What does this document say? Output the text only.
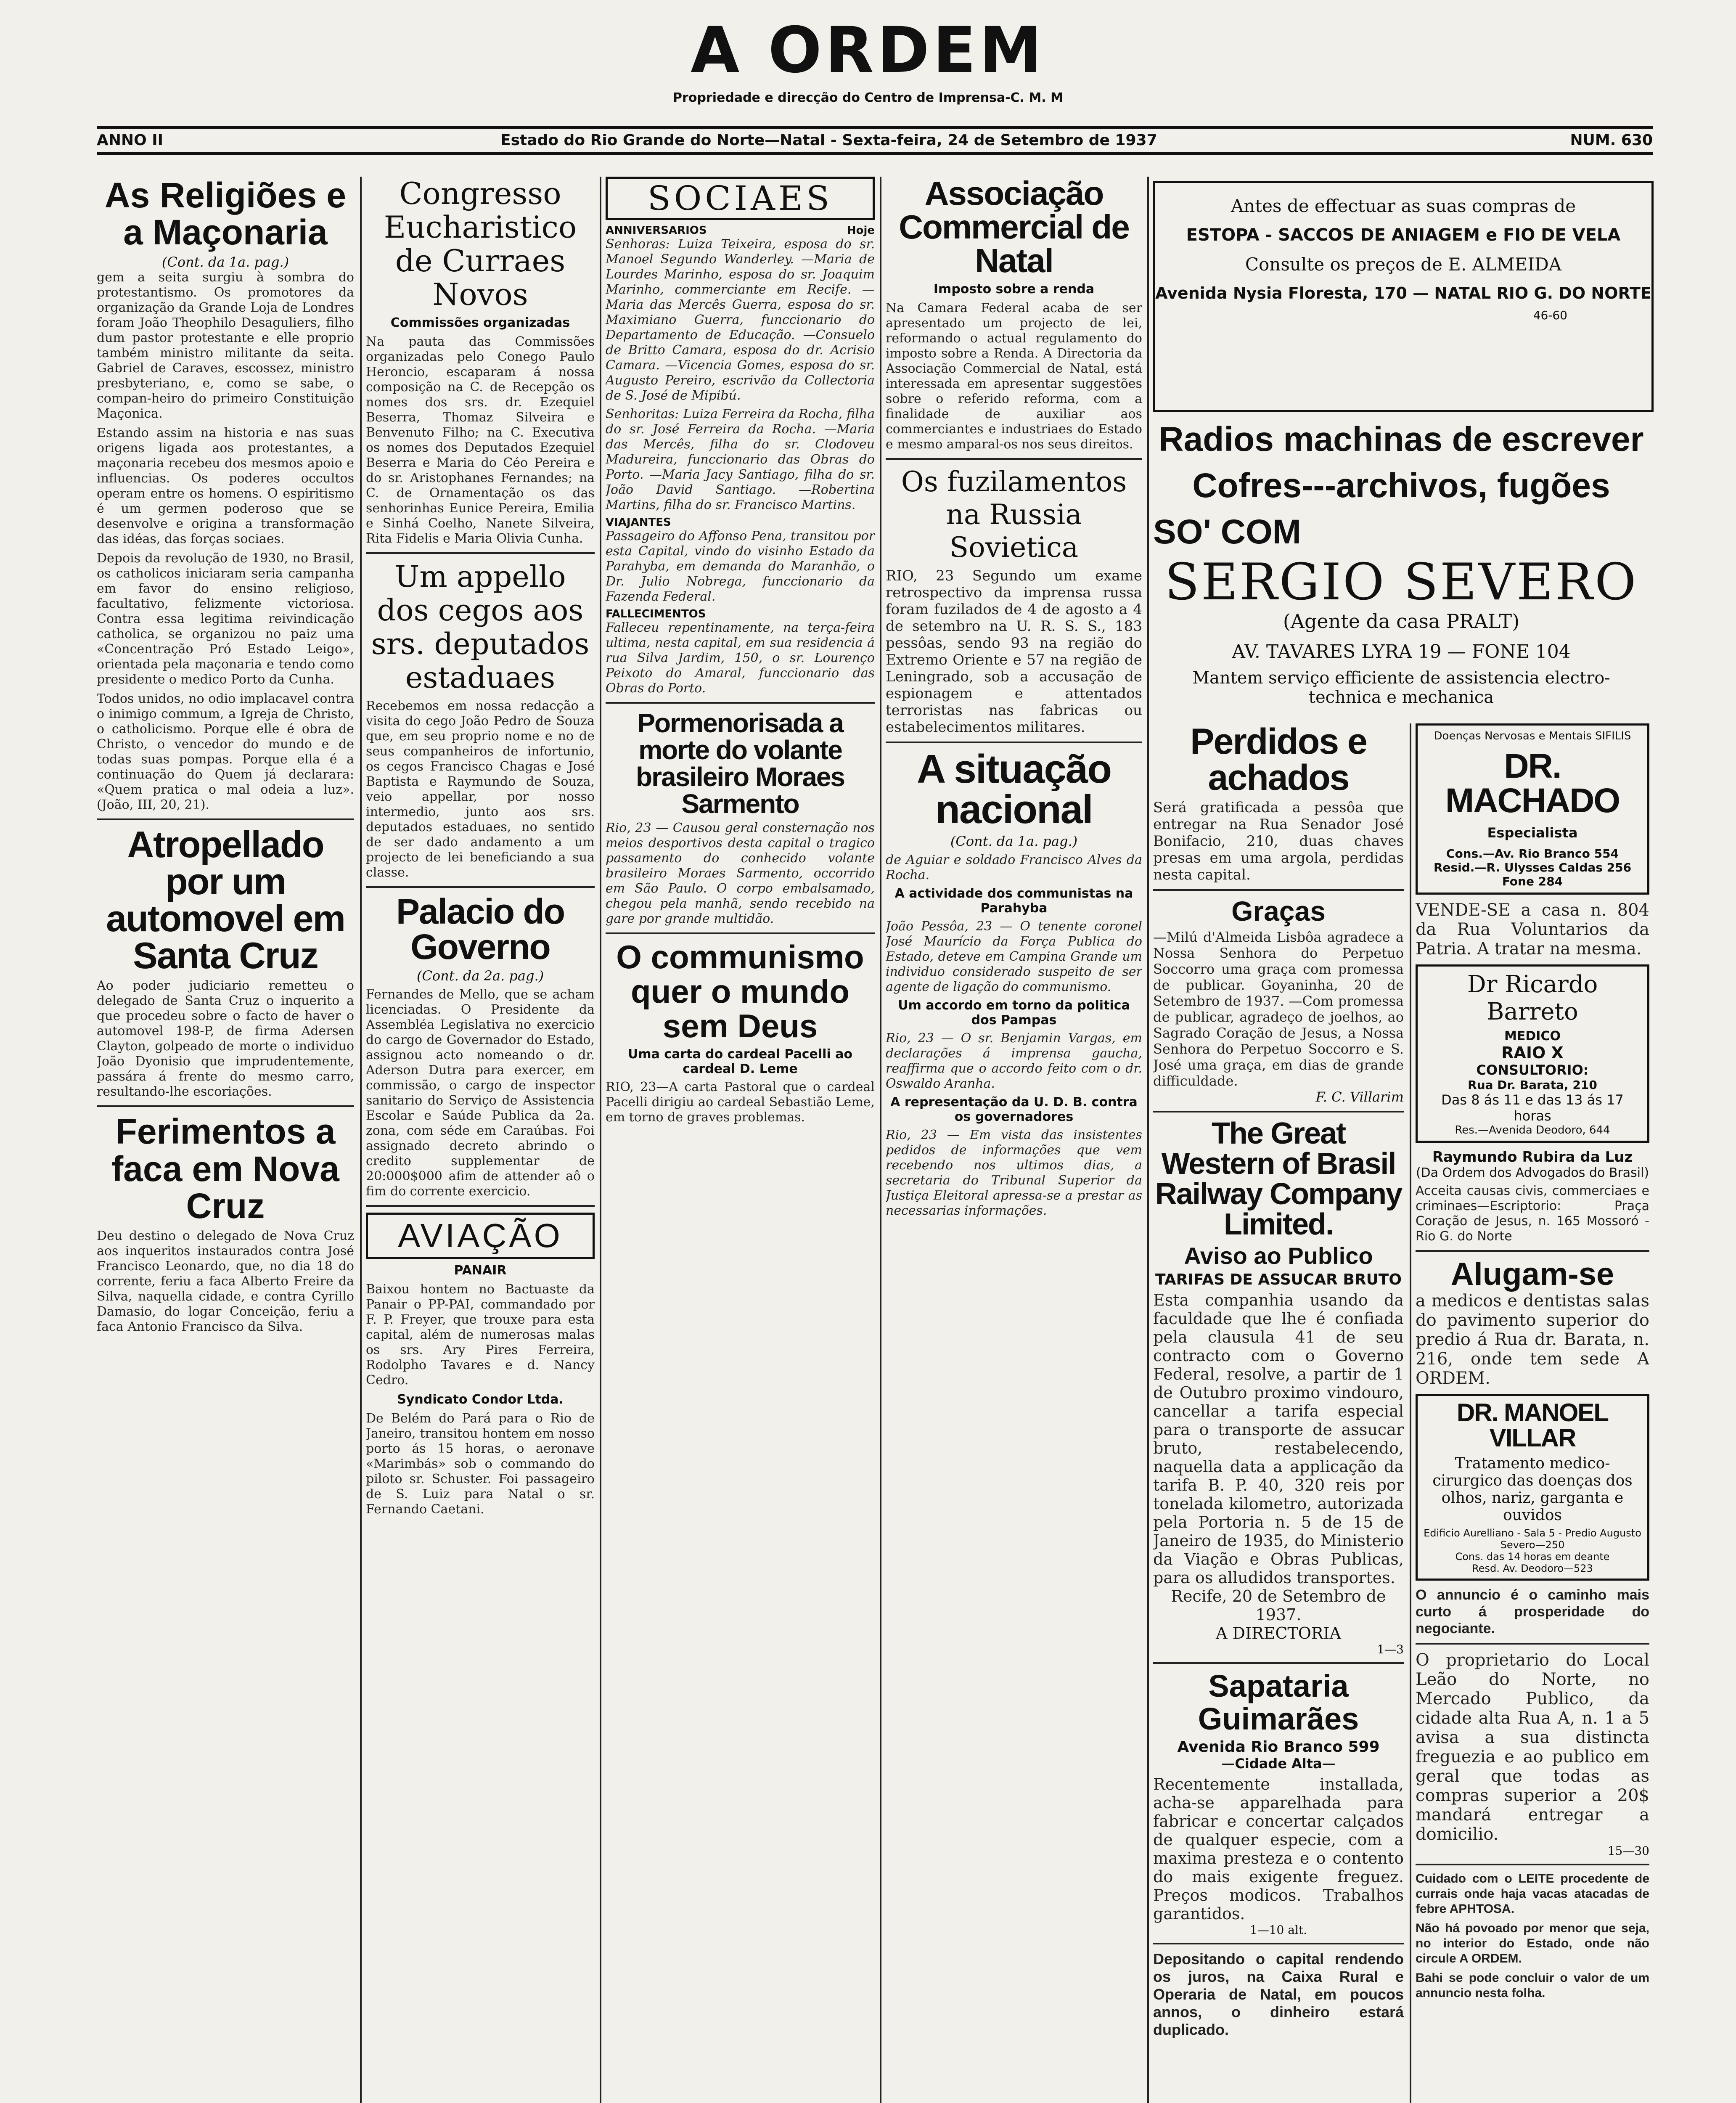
A ORDEM
Propriedade e direcção do Centro de Imprensa-C. M. M
ANNO II	Estado do Rio Grande do Norte—Natal - Sexta-feira, 24 de Setembro de 1937	NUM. 630
As Religiões e a Maçonaria
(Cont. da 1a. pag.)
gem a seita surgiu à sombra do protestantismo. Os promotores da organização da Grande Loja de Londres foram João Theophilo Desaguliers, filho dum pastor protestante e elle proprio também ministro militante da seita. Gabriel de Caraves, escossez, ministro presbyteriano, e, como se sabe, o compan-heiro do primeiro Constituição Maçonica.
Estando assim na historia e nas suas origens ligada aos protestantes, a maçonaria recebeu dos mesmos apoio e influencias. Os poderes occultos operam entre os homens. O espiritismo é um germen poderoso que se desenvolve e origina a transformação das idéas, das forças sociaes.
Depois da revolução de 1930, no Brasil, os catholicos iniciaram seria campanha em favor do ensino religioso, facultativo, felizmente victoriosa. Contra essa legitima reivindicação catholica, se organizou no paiz uma «Concentração Pró Estado Leigo», orientada pela maçonaria e tendo como presidente o medico Porto da Cunha.
Todos unidos, no odio implacavel contra o inimigo commum, a Igreja de Christo, o catholicismo. Porque elle é obra de Christo, o vencedor do mundo e de todas suas pompas. Porque ella é a continuação do Quem já declarara: «Quem pratica o mal odeia a luz». (João, III, 20, 21).
Atropellado por um automovel em Santa Cruz
Ao poder judiciario remetteu o delegado de Santa Cruz o inquerito a que procedeu sobre o facto de haver o automovel 198-P, de firma Adersen Clayton, golpeado de morte o individuo João Dyonisio que imprudentemente, passára á frente do mesmo carro, resultando-lhe escoriações.
Ferimentos a faca em Nova Cruz
Deu destino o delegado de Nova Cruz aos inqueritos instaurados contra José Francisco Leonardo, que, no dia 18 do corrente, feriu a faca Alberto Freire da Silva, naquella cidade, e contra Cyrillo Damasio, do logar Conceição, feriu a faca Antonio Francisco da Silva.
Congresso Eucharistico de Curraes Novos
Commissões organizadas
Na pauta das Commissões organizadas pelo Conego Paulo Heroncio, escaparam á nossa composição na C. de Recepção os nomes dos srs. dr. Ezequiel Beserra, Thomaz Silveira e Benvenuto Filho; na C. Executiva os nomes dos Deputados Ezequiel Beserra e Maria do Céo Pereira e do sr. Aristophanes Fernandes; na C. de Ornamentação os das senhorinhas Eunice Pereira, Emilia e Sinhá Coelho, Nanete Silveira, Rita Fidelis e Maria Olivia Cunha.
Um appello dos cegos aos srs. deputados estaduaes
Recebemos em nossa redacção a visita do cego João Pedro de Souza que, em seu proprio nome e no de seus companheiros de infortunio, os cegos Francisco Chagas e José Baptista e Raymundo de Souza, veio appellar, por nosso intermedio, junto aos srs. deputados estaduaes, no sentido de ser dado andamento a um projecto de lei beneficiando a sua classe.
Palacio do Governo
(Cont. da 2a. pag.)
Fernandes de Mello, que se acham licenciadas. O Presidente da Assembléa Legislativa no exercicio do cargo de Governador do Estado, assignou acto nomeando o dr. Aderson Dutra para exercer, em commissão, o cargo de inspector sanitario do Serviço de Assistencia Escolar e Saúde Publica da 2a. zona, com séde em Caraúbas. Foi assignado decreto abrindo o credito supplementar de 20:000$000 afim de attender aô o fim do corrente exercicio.
AVIAÇÃO
PANAIR
Baixou hontem no Bactuaste da Panair o PP-PAI, commandado por F. P. Freyer, que trouxe para esta capital, além de numerosas malas os srs. Ary Pires Ferreira, Rodolpho Tavares e d. Nancy Cedro.
Syndicato Condor Ltda.
De Belém do Pará para o Rio de Janeiro, transitou hontem em nosso porto ás 15 horas, o aeronave «Marimbás» sob o commando do piloto sr. Schuster. Foi passageiro de S. Luiz para Natal o sr. Fernando Caetani.
SOCIAES
ANNIVERSARIOS	Hoje
Senhoras: Luiza Teixeira, esposa do sr. Manoel Segundo Wanderley. —Maria de Lourdes Marinho, esposa do sr. Joaquim Marinho, commerciante em Recife. —Maria das Mercês Guerra, esposa do sr. Maximiano Guerra, funccionario do Departamento de Educação. —Consuelo de Britto Camara, esposa do dr. Acrisio Camara. —Vicencia Gomes, esposa do sr. Augusto Pereiro, escrivão da Collectoria de S. José de Mipibú.
Senhoritas: Luiza Ferreira da Rocha, filha do sr. José Ferreira da Rocha. —Maria das Mercês, filha do sr. Clodoveu Madureira, funccionario das Obras do Porto. —Maria Jacy Santiago, filha do sr. João David Santiago. —Robertina Martins, filha do sr. Francisco Martins.
VIAJANTES
Passageiro do Affonso Pena, transitou por esta Capital, vindo do visinho Estado da Parahyba, em demanda do Maranhão, o Dr. Julio Nobrega, funccionario da Fazenda Federal.
FALLECIMENTOS
Falleceu repentinamente, na terça-feira ultima, nesta capital, em sua residencia á rua Silva Jardim, 150, o sr. Lourenço Peixoto do Amaral, funccionario das Obras do Porto.
Pormenorisada a morte do volante brasileiro Moraes Sarmento
Rio, 23 — Causou geral consternação nos meios desportivos desta capital o tragico passamento do conhecido volante brasileiro Moraes Sarmento, occorrido em São Paulo. O corpo embalsamado, chegou pela manhã, sendo recebido na gare por grande multidão.
O communismo quer o mundo sem Deus
Uma carta do cardeal Pacelli ao cardeal D. Leme
RIO, 23—A carta Pastoral que o cardeal Pacelli dirigiu ao cardeal Sebastião Leme, em torno de graves problemas.
Associação Commercial de Natal
Imposto sobre a renda
Na Camara Federal acaba de ser apresentado um projecto de lei, reformando o actual regulamento do imposto sobre a Renda. A Directoria da Associação Commercial de Natal, está interessada em apresentar suggestões sobre o referido reforma, com a finalidade de auxiliar aos commerciantes e industriaes do Estado e mesmo amparal-os nos seus direitos.
Os fuzilamentos na Russia Sovietica
RIO, 23 Segundo um exame retrospectivo da imprensa russa foram fuzilados de 4 de agosto a 4 de setembro na U. R. S. S., 183 pessôas, sendo 93 na região do Extremo Oriente e 57 na região de Leningrado, sob a accusação de espionagem e attentados terroristas nas fabricas ou estabelecimentos militares.
A situação nacional
(Cont. da 1a. pag.)
de Aguiar e soldado Francisco Alves da Rocha.
A actividade dos communistas na Parahyba
João Pessôa, 23 — O tenente coronel José Maurício da Força Publica do Estado, deteve em Campina Grande um individuo considerado suspeito de ser agente de ligação do communismo.
Um accordo em torno da politica dos Pampas
Rio, 23 — O sr. Benjamin Vargas, em declarações á imprensa gaucha, reaffirma que o accordo feito com o dr. Oswaldo Aranha.
A representação da U. D. B. contra os governadores
Rio, 23 — Em vista das insistentes pedidos de informações que vem recebendo nos ultimos dias, a secretaria do Tribunal Superior da Justiça Eleitoral apressa-se a prestar as necessarias informações.
Antes de effectuar as suas compras de
ESTOPA - SACCOS DE ANIAGEM e FIO DE VELA
Consulte os preços de E. ALMEIDA
Avenida Nysia Floresta, 170 — NATAL RIO G. DO NORTE
46-60
Radios machinas de escrever
Cofres---archivos, fugões
SO' COM
SERGIO SEVERO
(Agente da casa PRALT)
AV. TAVARES LYRA 19 — FONE 104
Mantem serviço efficiente de assistencia electro-technica e mechanica
Perdidos e achados
Será gratificada a pessôa que entregar na Rua Senador José Bonifacio, 210, duas chaves presas em uma argola, perdidas nesta capital.
Graças
—Milú d'Almeida Lisbôa agradece a Nossa Senhora do Perpetuo Soccorro uma graça com promessa de publicar. Goyaninha, 20 de Setembro de 1937. —Com promessa de publicar, agradeço de joelhos, ao Sagrado Coração de Jesus, a Nossa Senhora do Perpetuo Soccorro e S. José uma graça, em dias de grande difficuldade.
F. C. Villarim
The Great Western of Brasil Railway Company Limited.
Aviso ao Publico
TARIFAS DE ASSUCAR BRUTO
Esta companhia usando da faculdade que lhe é confiada pela clausula 41 de seu contracto com o Governo Federal, resolve, a partir de 1 de Outubro proximo vindouro, cancellar a tarifa especial para o transporte de assucar bruto, restabelecendo, naquella data a applicação da tarifa B. P. 40, 320 reis por tonelada kilometro, autorizada pela Portoria n. 5 de 15 de Janeiro de 1935, do Ministerio da Viação e Obras Publicas, para os alludidos transportes.
Recife, 20 de Setembro de 1937.
A DIRECTORIA
1—3
Sapataria Guimarães
Avenida Rio Branco 599
—Cidade Alta—
Recentemente installada, acha-se apparelhada para fabricar e concertar calçados de qualquer especie, com a maxima presteza e o contento do mais exigente freguez. Preços modicos. Trabalhos garantidos.
1—10 alt.
Depositando o capital rendendo os juros, na Caixa Rural e Operaria de Natal, em poucos annos, o dinheiro estará duplicado.
Doenças Nervosas e Mentais SIFILIS
DR. MACHADO
Especialista
Cons.—Av. Rio Branco 554
Resid.—R. Ulysses Caldas 256
Fone 284
VENDE-SE a casa n. 804 da Rua Voluntarios da Patria. A tratar na mesma.
Dr Ricardo Barreto
MEDICO
RAIO X
CONSULTORIO:
Rua Dr. Barata, 210
Das 8 ás 11 e das 13 ás 17 horas
Res.—Avenida Deodoro, 644
Raymundo Rubira da Luz
(Da Ordem dos Advogados do Brasil)
Acceita causas civis, commerciaes e criminaes—Escriptorio: Praça Coração de Jesus, n. 165 Mossoró - Rio G. do Norte
Alugam-se
a medicos e dentistas salas do pavimento superior do predio á Rua dr. Barata, n. 216, onde tem sede A ORDEM.
DR. MANOEL VILLAR
Tratamento medico-cirurgico das doenças dos olhos, nariz, garganta e ouvidos
Edificio Aurelliano - Sala 5 - Predio Augusto Severo—250
Cons. das 14 horas em deante
Resd. Av. Deodoro—523
O annuncio é o caminho mais curto á prosperidade do negociante.
O proprietario do Local Leão do Norte, no Mercado Publico, da cidade alta Rua A, n. 1 a 5 avisa a sua distincta freguezia e ao publico em geral que todas as compras superior a 20$ mandará entregar a domicilio.
15—30
Cuidado com o LEITE procedente de currais onde haja vacas atacadas de febre APHTOSA.
Não há povoado por menor que seja, no interior do Estado, onde não circule A ORDEM.
Bahi se pode concluir o valor de um annuncio nesta folha.
